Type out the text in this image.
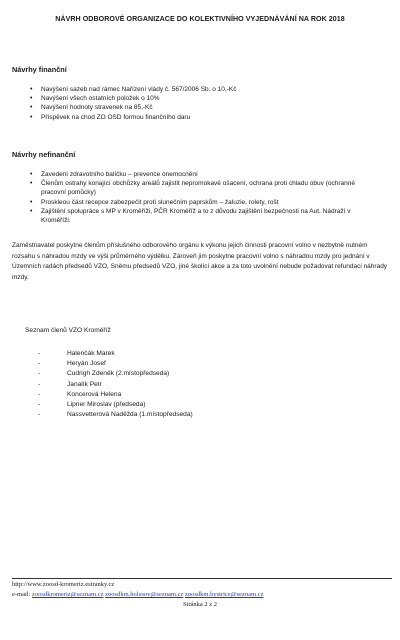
NÁVRH ODBOROVÉ ORGANIZACE DO KOLEKTIVNÍHO VYJEDNÁVÁNÍ NA ROK 2018
Návrhy finanční
• Navýšení sazeb nad rámec Nařízení vlády č. 567/2006 Sb. o 10,-Kč
• Navýšení všech ostatních položek o 10%
• Navýšení hodnoty stravenek na 85,-Kč
• Příspěvek na chod ZO OSD formou finančního daru
Návrhy nefinanční
• Zavedení zdravotního balíčku – prevence onemocnění
• Členům ostrahy konající obchůzky areálů zajistit nepromokavé ošacení, ochrana proti chladu obuv (ochranné pracovní pomůcky)
• Proskleou část recepce zabezpečit proti slunečním paprskům – žaluzie, rolety, rošt
• Zajištění spolupráce s MP v Kroměříži, PČR Kroměříž a to z důvodu zajištění bezpečnosti na Aut. Nádraží v Kroměříži.

Zaměstnavatel poskytne členům příslušného odborového orgánu k výkonu jejich činnosti pracovní volno v nezbytně nutném rozsahu s náhradou mzdy ve výši průměrného výdělku. Zároveň jim poskytne pracovní volno s náhradou mzdy pro jednání v Územních radách předsedů VZO, Sněmu předsedů VZO, jiné školící akce a za toto uvolnění nebude požadovat refundaci náhrady mzdy.

Seznam členů VZO Kroměříž
-	Halenčák Marek
-	Heryán Josef
-	Cudrigh Zdeněk (2.místopředseda)
-	Janalík Petr
-	Koncerová Helena
-	Lipner Miroslav (předseda)
-	Nassvetterová Naděžda (1.místopředseda)
http://www.zoosd-kromeriz.estranky.cz
e-mail: zoosdkromeriz@seznam.cz zoosdkm.holesov@seznam.cz zoosdkm.bystrice@seznam.cz
Stránka 2 z 2
